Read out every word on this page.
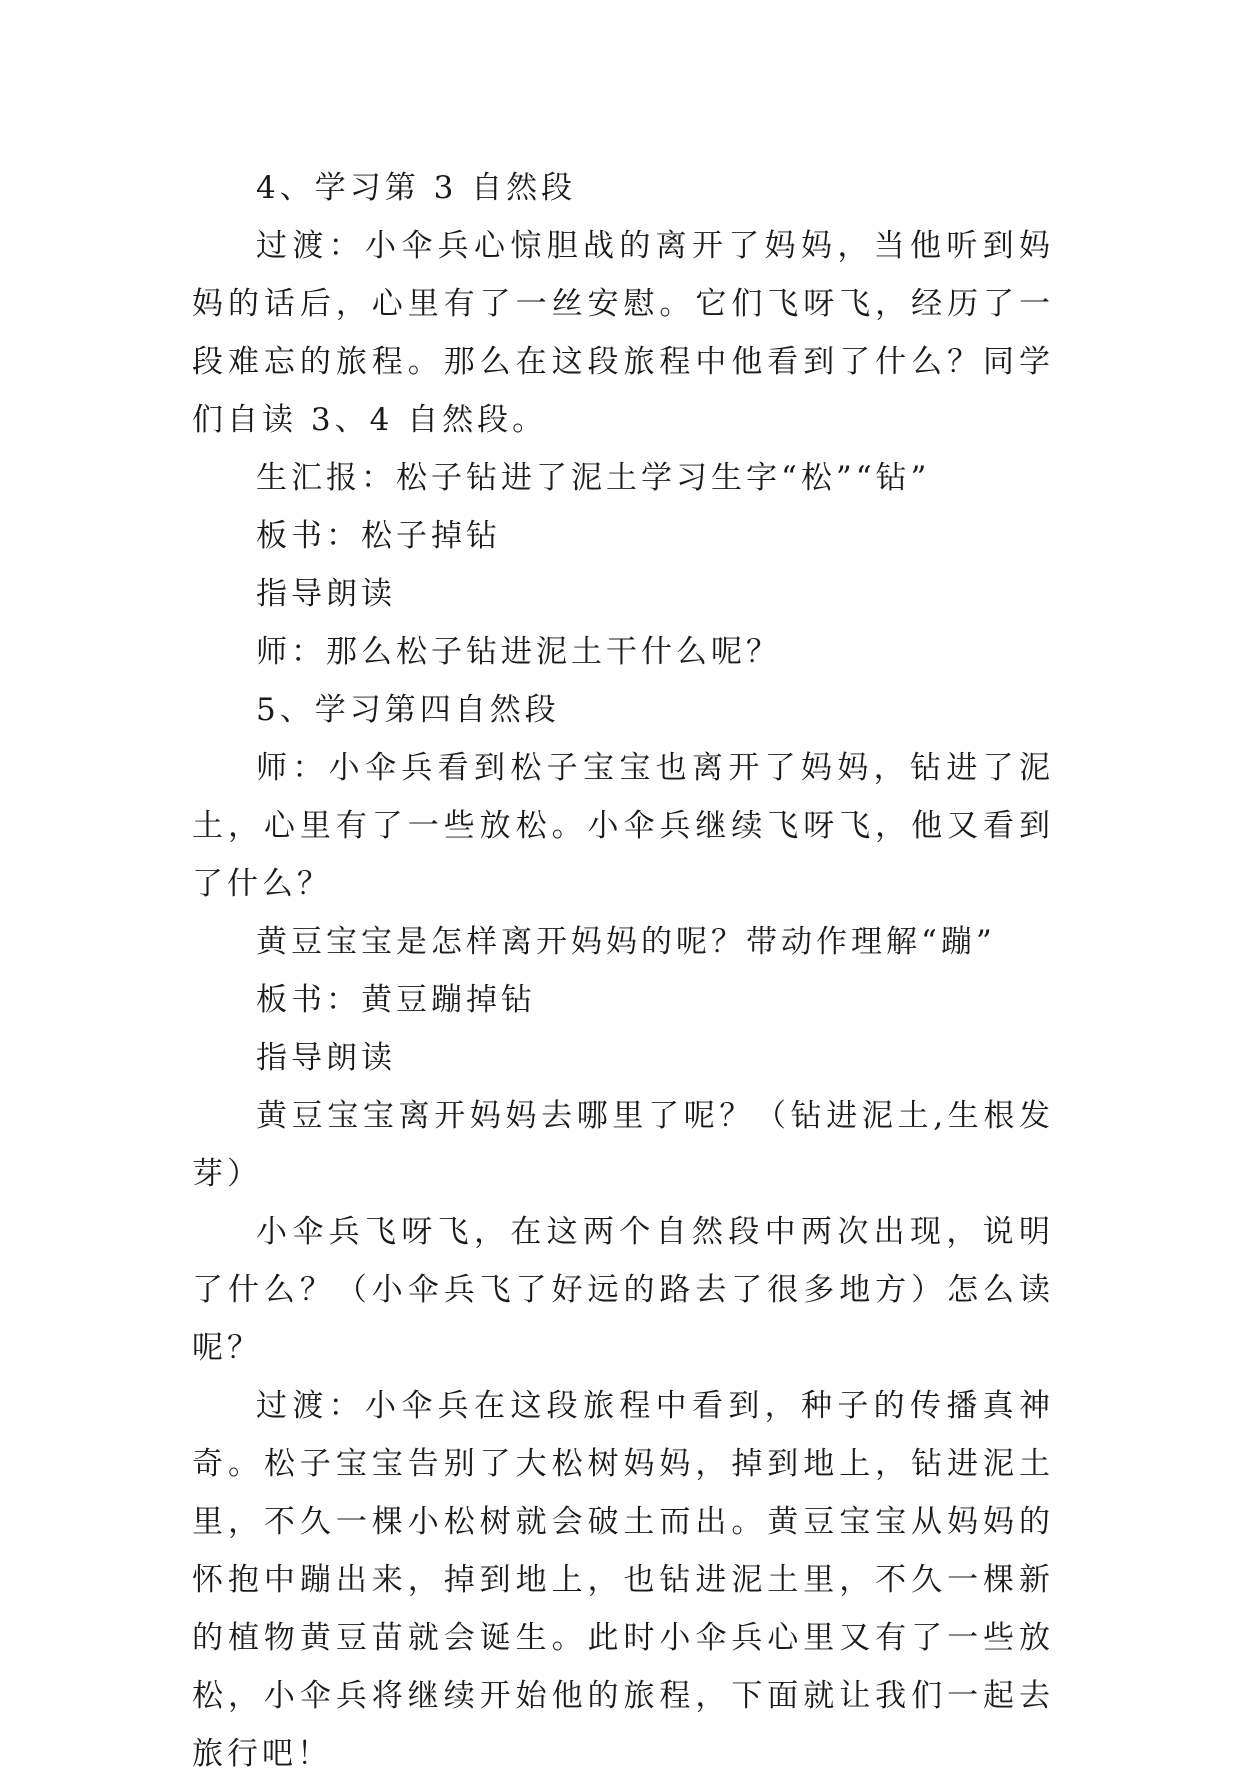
4、学习第 3 自然段

过渡：小伞兵心惊胆战的离开了妈妈，当他听到妈妈的话后，心里有了一丝安慰。它们飞呀飞，经历了一段难忘的旅程。那么在这段旅程中他看到了什么？同学们自读 3、4 自然段。

生汇报：松子钻进了泥土学习生字“松”“钻”

板书：松子掉钻

指导朗读

师：那么松子钻进泥土干什么呢？

5、学习第四自然段

师：小伞兵看到松子宝宝也离开了妈妈，钻进了泥土，心里有了一些放松。小伞兵继续飞呀飞，他又看到了什么？

黄豆宝宝是怎样离开妈妈的呢？带动作理解“蹦”

板书：黄豆蹦掉钻

指导朗读

黄豆宝宝离开妈妈去哪里了呢？（钻进泥土,生根发芽）

小伞兵飞呀飞，在这两个自然段中两次出现，说明了什么？（小伞兵飞了好远的路去了很多地方）怎么读呢？

过渡：小伞兵在这段旅程中看到，种子的传播真神奇。松子宝宝告别了大松树妈妈，掉到地上，钻进泥土里，不久一棵小松树就会破土而出。黄豆宝宝从妈妈的怀抱中蹦出来，掉到地上，也钻进泥土里，不久一棵新的植物黄豆苗就会诞生。此时小伞兵心里又有了一些放松，小伞兵将继续开始他的旅程，下面就让我们一起去旅行吧！
